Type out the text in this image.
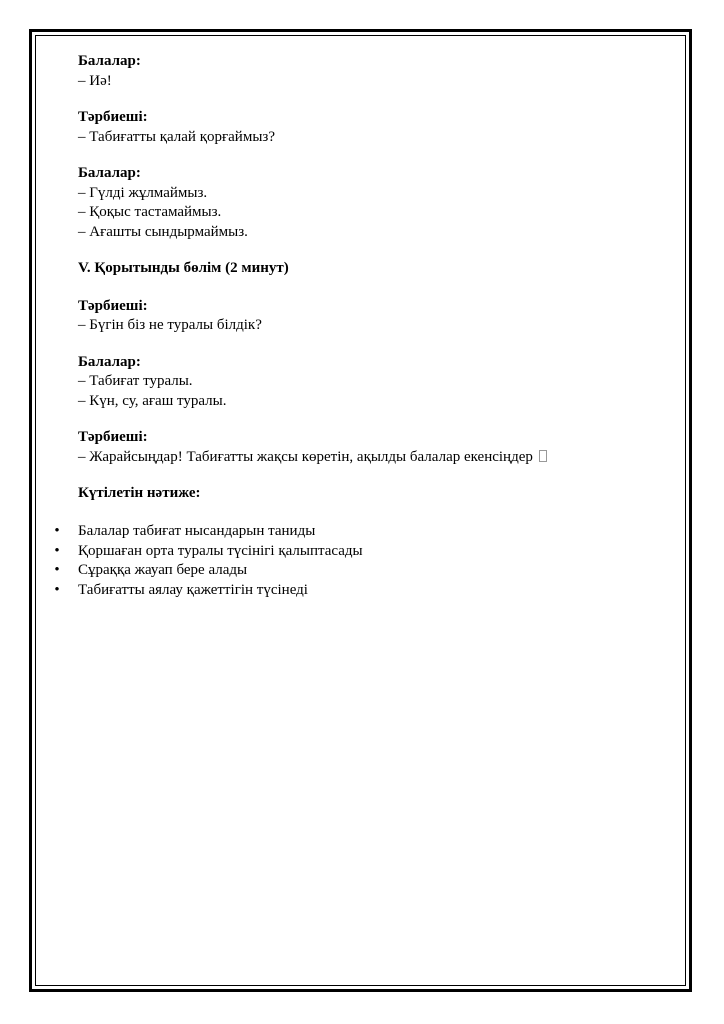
Балалар:
– Иә!
Тәрбиеші:
– Табиғатты қалай қорғаймыз?
Балалар:
– Гүлді жұлмаймыз.
– Қоқыс тастамаймыз.
– Ағашты сындырмаймыз.
V. Қорытынды бөлім (2 минут)
Тәрбиеші:
– Бүгін біз не туралы білдік?
Балалар:
– Табиғат туралы.
– Күн, су, ағаш туралы.
Тәрбиеші:
– Жарайсыңдар! Табиғатты жақсы көретін, ақылды балалар екенсіңдер
Күтілетін нәтиже:
• Балалар табиғат нысандарын таниды
• Қоршаған орта туралы түсінігі қалыптасады
• Сұраққа жауап бере алады
• Табиғатты аялау қажеттігін түсінеді
